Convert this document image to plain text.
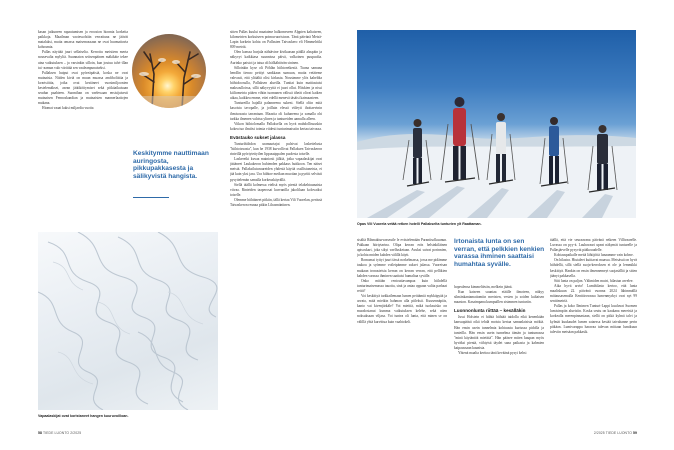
kasan jatkuneen rapautumisen ja eroosion hionnia korkeita paikkoja. Maailman vaoiessohtiin verrattuna ne jäävät matalaksi, mutta omassa maisemassaan ne ovat huomattavia kohoumia.

Pallas näyttää juuri sellaiselta. Kerrottu meistiem merta nousevalta mylyltä. Suunnaton seitsenpäinen mäkikäte tekee aina vaikutuksen – ja varsinkin silloin, kun joutuu talvi-illan tai -aamun valo värittää sen vaaleanpunaiseksi.

Pallaksen huiput ovat pyöreäpäisiä, koska ne ovat muinaisia. Niiden kiviä on muun muassa amfiboliittia ja kvartsiittia, jotka ovat kestäneet vuosimiljoonien kestelemäkset, asean jäätiköitymiset sekä pitkäaikaisaan seudun paahteen. Suomihan on vaelessaan ensisijaisesti muinaisen Fennoskandian ja muinaisten mannerlaattojen mukana.

Hiomat vaaat kaksi miljardia vuotta

Keskitymme nauttimaan auringosta, pikkupakkasesta ja sälikyvistä hangista.

sitten Pallas kuului maataime halkomeseen Alppien kaltaiseen, kilometrien korkuiseen poimuvuoristoon. Tänä päivänä Metsä-Lapin korkein kohta on Pallasten Taivaskero eli Himmelriiki 809 metriä.

Olen kanssa hurjala nähtävine kivikaasan päällä alaspäin ja näkyvyt kaikkiasa suunnissa päivä, valkoinen puupuolia. Aurinko paistoi ja tatua oli hälkähtävän sininen.

Silloinkin kyse oli Pöhlän hiihtoretkestä. Tuona samana hendlin tienoo peittyi sankkaan sumuun, mutta vetäteme vahvasti, että yltäältä olisi kirkasta. Nousimme ylös kaheldta hiihtoloosulla, Pallaksen alueilla. Tuntiai kuin mattiastaisi maksoulloissa, sillä näkyvyyttä ei juuri ollut. Hiiskien ja nissi kiiliometria pitäen vihtin tuomanen välissä tiheät olivat kaiken aikaa, kaikkea emme, ettei edellä menevä täsäisi katmaasteen.

Tuntureilla hajallä palanneena sukeni. Siellä oliin mitä kasoista tavopalle, ja joillain elessä viileyti ihoitaevinin ihmisosasta tarrantaan. Maastia oli kuluneena ja samalla ohi tarkka ilmenen valoisa ylinen ja tuntureiden aamulla alleen.

Viikon hiihtolomalla Pallaksella on hyvä mahdollisuuskin kokea tuo ilmiösi toimia viidesti tunturimaissiin kertaa taivassa.

Evästauko sukset jalassa

Tunturihiihdon uranuurtajat pulsivat laskettelusta "hiihtotavasta", kun he 1938 kurvollivat Pallaksen Taivaskeron rinteillä pyöriytettyilen lippusaippalen puolesta toiselle.

Laskeretki kuvaa mainiosti jälkiä, jotka vapaalaskijat ovat jättäneet Laukukeron huhtenden pakkaus huitkoon. Ten näiset meistä. Pallaksiluturuureiden yhdestä käytiä osallistuneista, ei jää kuin yksi jara. Ura hiihtoe meikun muotian ja pyriiti selvästi pysyttelemän samalla korkeuskäyrällä.

Siellä täällä kolmessa etelisä myös pientä telakehtuunaista viivaa. Rinteiden taaperosat kurvanilla jakolilaan kolovaiksi toiselle.

Olemme hiihtäneet pitkiin, tällä kertaa Vili Vuorelan, perässä Taivaskeron reunaa pitkin Lihasmäntinen.

Vapaalaskijat ovat koristaneet hangen kuuruvoilloan.
58 TIEDE LUONTO 2/2025
Opas Vili Vuorela vetää retken hotelli Pallakselta tunturien ylt Raattaman.

sisältä Rihmakturvasseutle le evästelemään Parantisolkuunun. Pakkaan hiirtytarina. Olipa kerran eräs helsinkiläinen aptsoskart, joka sikyi vaellusketaan. Avuksi saivat porinnien, ja kohta nniden kahden välillä käytt.

Romanssi tyttyi juuri tässä norkelmassa, jossa me pidämme taukoa ja syömme voileipämme sukset jalassa. Vuoreisan mukaan tronasteisia kerran on kerran verran, että pellikien kahden varassa ihminen saattaisi humaltua syvälle.

Onko mitään rentouttavampaa kuin hiihdellä tunturimaisemassa tauotta, sinä ja antaa oppaan valita parhaat reitit?

Voi keskittyä tarkkailemaan lumen peittämiä mykkäpyää ja arvata, mitä mieikin hahmon alla piileksii. Kuusennäpiäs, kanto vai kivenjärkäle? Voi miettiä, mikä tuoksuisko on muodostanut kumma vaikutuksen kelehe, sekä näen noksuksaan viljasa. Voi tuntea oli lunta, että minen se on välillä yhtä kurvittua kuin vaahtokeli.

Irtonaista lunta on sen verran, että pelkkien kenkien varassa ihminen saattaisi humahtaa syvälle.

hopealensa kimmeltävän, melkein jäänä.

Kun katseen suuntaa etäälle ilmoteen, näkyy silmänkantamattomiin meristen, vesien ja soiden kaltaisen maaston. Kasaimpana kumpuillen sisimmen tunturiin.

Luonnonlunta riittää – kesälläkin

Jussi Holstein ei hiihtä hiihtää taidolla eikä kenenkään kanssapääsä oikä tehdä moista kertaa samanlaisista mökiä. Hän ensin usein tunnelmia kohtuusta kurtussa pidolla ja tunteilla. Hän ensin usein tunnelma tämän ja tuntumassa "minä käytäntöä mietittä". Hän pääsee miten kaupan myös hyväksi pieniä, viihtyisä täydet sana paikasta ja kahmien kaipaussaan kaunista.

Yhtenä maalta kerttoa tänä keväänä pysyi kehsi

täällä, että vie seuraavana päivänä retkeen Villivaarelle. Luvassa on pyy-ä. Lauhavaari upeat näkymät tunturelle ja Pallasjärvelle pysyvät pääkouudelle.

Kohtauspaikalle meitä lähtijöitä lunaamme vain kolme.

On hilastra. Hiutaleet kuittavat maassa. Metsässä on hyvä hiihdellä, sillä siellä suoja-kerroksen ei ole ja lemmikki keskittyä. Hankin on ensin ilmennemeyt suojasälliä ja sitten jäänyt pakkasella.

Siiti lunta on paljon. Välimiden mutrt, hilastun arvelee.

Aika hyvä arvio! Lumihilasto kertoo, että lunta maaliskuun 22. päivänä vuonna 2024 lähimmällä mittausasemalla Kenttärovaasa lumenmyrkyt ovat nyt 99 senttimetriä.

Pallas ja koko Ilmimen Tunturi-Lappi kuuluvat Suomen lumisimpiin alueisiin. Koska seutu on kaukana mereistä ja korkealla merenpinnastaan, siellä on pitkä kylmä talvi ja kylmät kuukaudet lumen sataessa kestää taivahanne perin pitkäan. Lumivarappa haravaa tulevan mittaan lumikuun tuleviin metsäan pakkasik.

2/2025 TIEDE LUONTO 59
